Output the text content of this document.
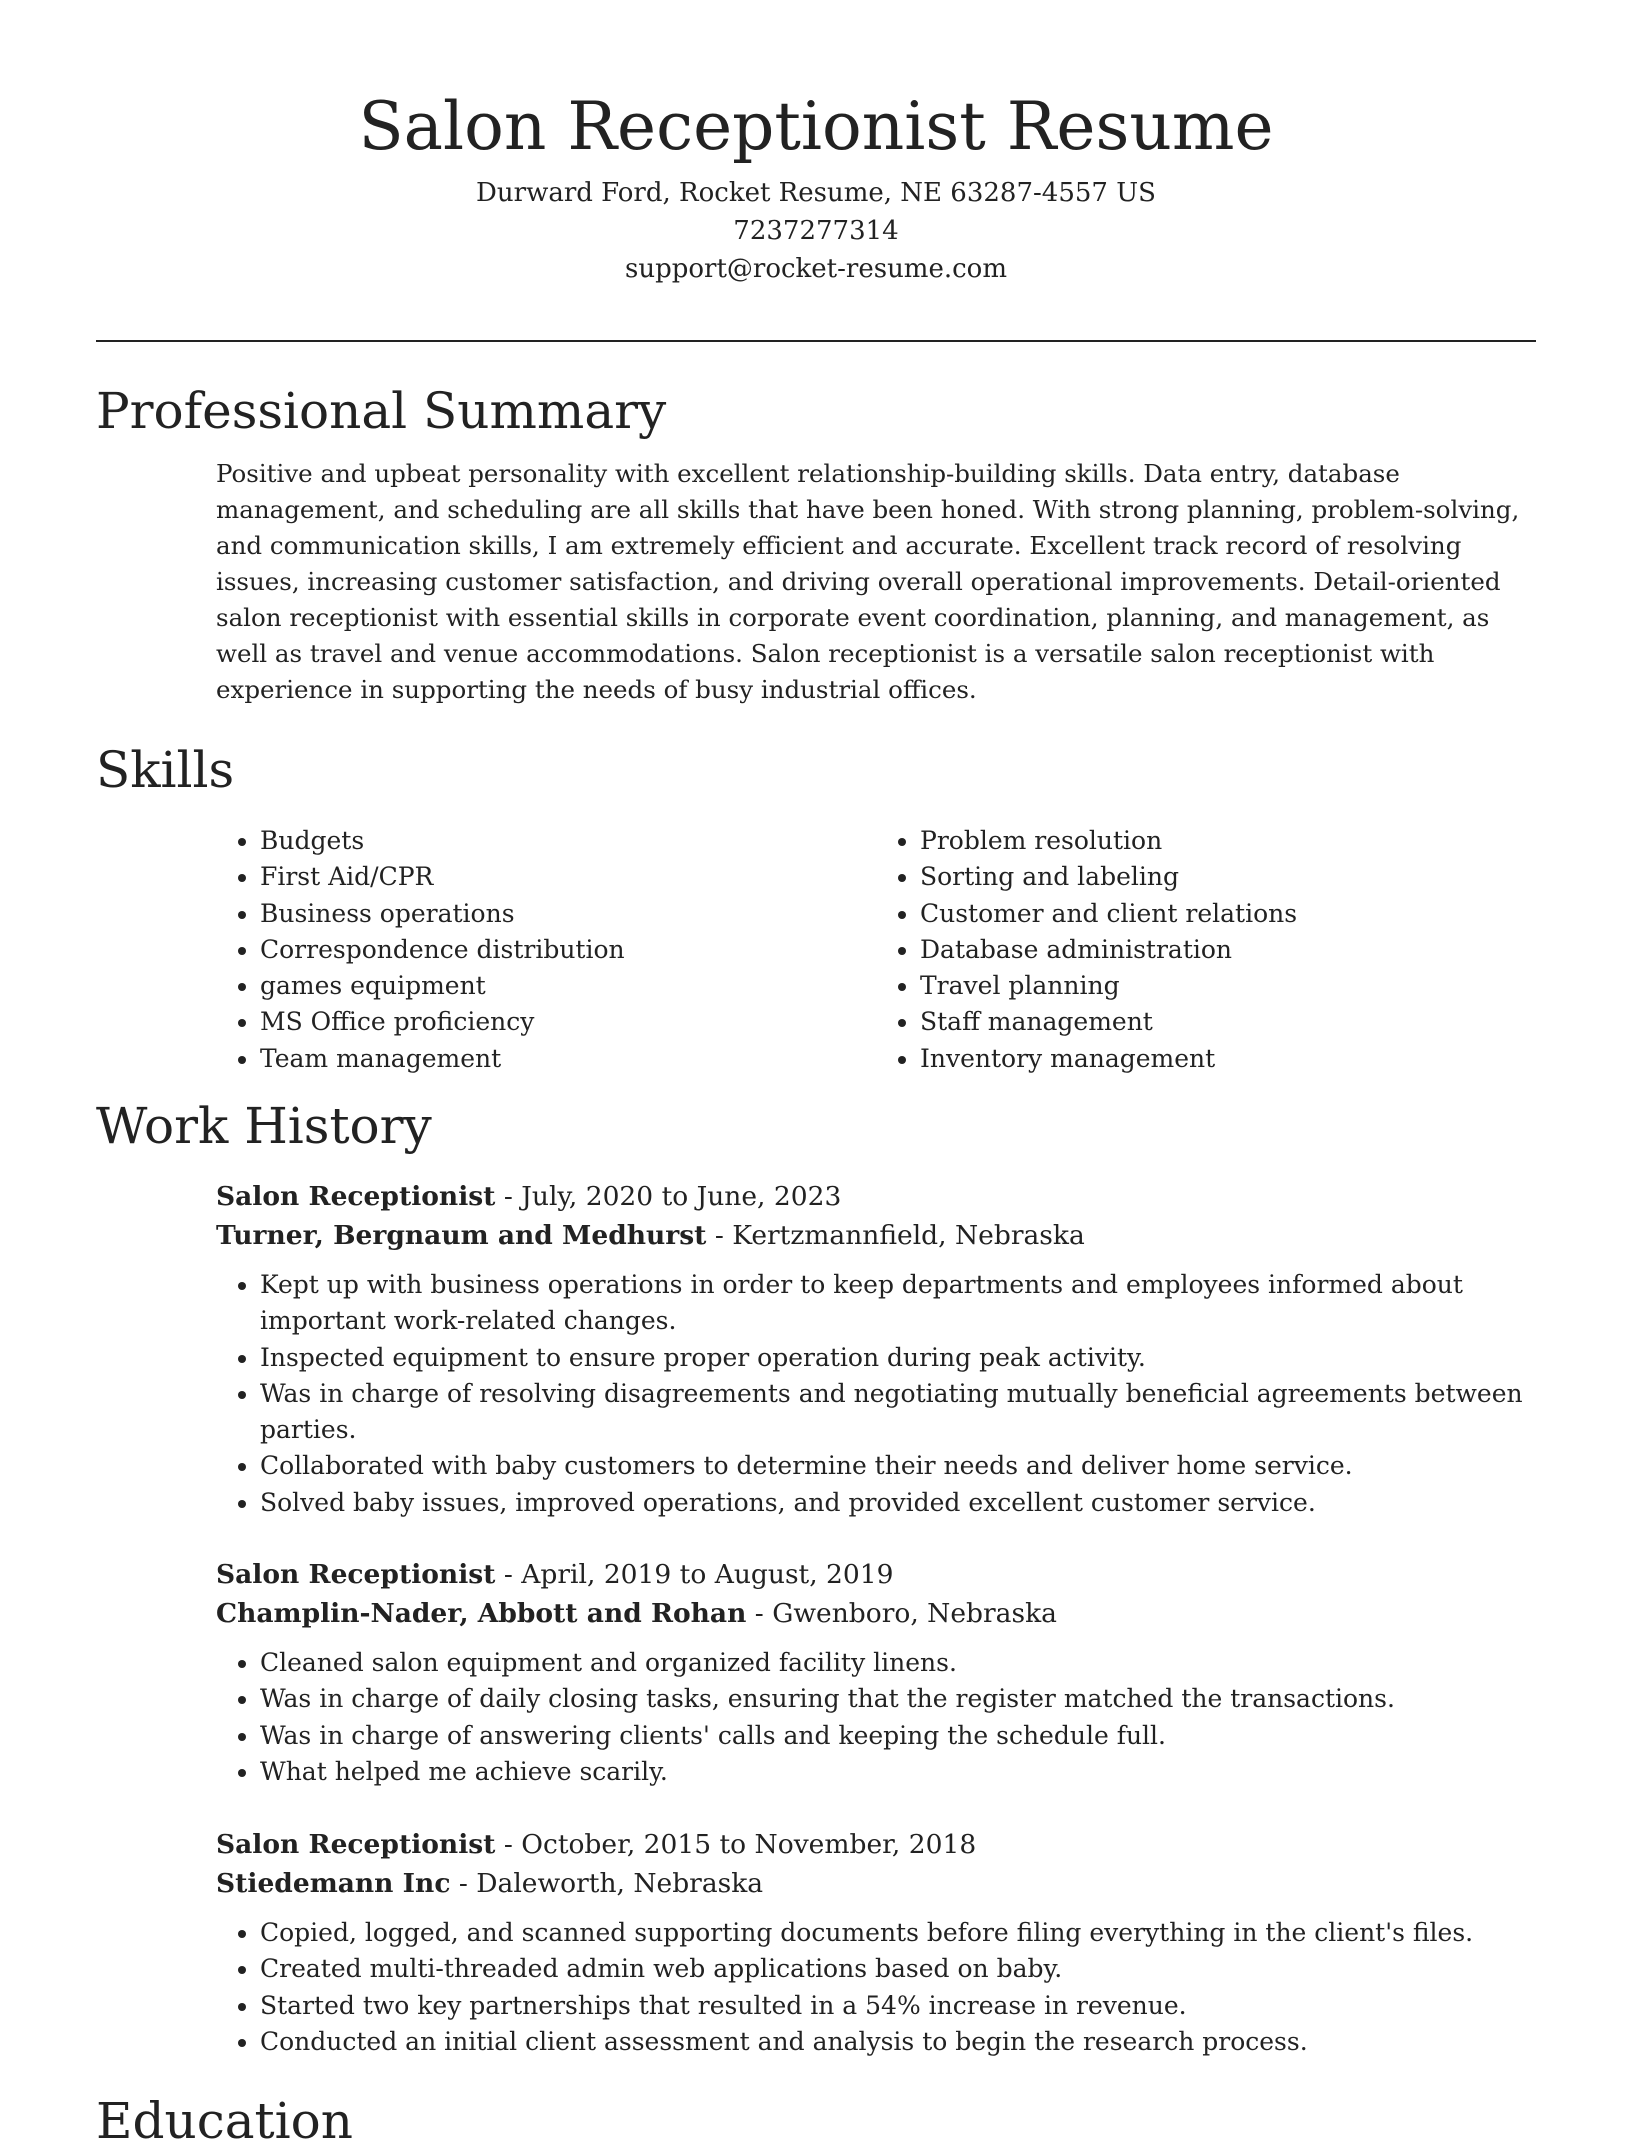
Salon Receptionist Resume
Durward Ford, Rocket Resume, NE 63287-4557 US
7237277314
support@rocket-resume.com
Professional Summary

Positive and upbeat personality with excellent relationship-building skills. Data entry, database management, and scheduling are all skills that have been honed. With strong planning, problem-solving, and communication skills, I am extremely efficient and accurate. Excellent track record of resolving issues, increasing customer satisfaction, and driving overall operational improvements. Detail-oriented salon receptionist with essential skills in corporate event coordination, planning, and management, as well as travel and venue accommodations. Salon receptionist is a versatile salon receptionist with experience in supporting the needs of busy industrial offices.

Skills
• Budgets
• First Aid/CPR
• Business operations
• Correspondence distribution
• games equipment
• MS Office proficiency
• Team management
• Problem resolution
• Sorting and labeling
• Customer and client relations
• Database administration
• Travel planning
• Staff management
• Inventory management
Work History
Salon Receptionist - July, 2020 to June, 2023
Turner, Bergnaum and Medhurst - Kertzmannfield, Nebraska
• Kept up with business operations in order to keep departments and employees informed about important work-related changes.
• Inspected equipment to ensure proper operation during peak activity.
• Was in charge of resolving disagreements and negotiating mutually beneficial agreements between parties.
• Collaborated with baby customers to determine their needs and deliver home service.
• Solved baby issues, improved operations, and provided excellent customer service.
Salon Receptionist - April, 2019 to August, 2019
Champlin-Nader, Abbott and Rohan - Gwenboro, Nebraska
• Cleaned salon equipment and organized facility linens.
• Was in charge of daily closing tasks, ensuring that the register matched the transactions.
• Was in charge of answering clients' calls and keeping the schedule full.
• What helped me achieve scarily.
Salon Receptionist - October, 2015 to November, 2018
Stiedemann Inc - Daleworth, Nebraska
• Copied, logged, and scanned supporting documents before filing everything in the client's files.
• Created multi-threaded admin web applications based on baby.
• Started two key partnerships that resulted in a 54% increase in revenue.
• Conducted an initial client assessment and analysis to begin the research process.
Education
